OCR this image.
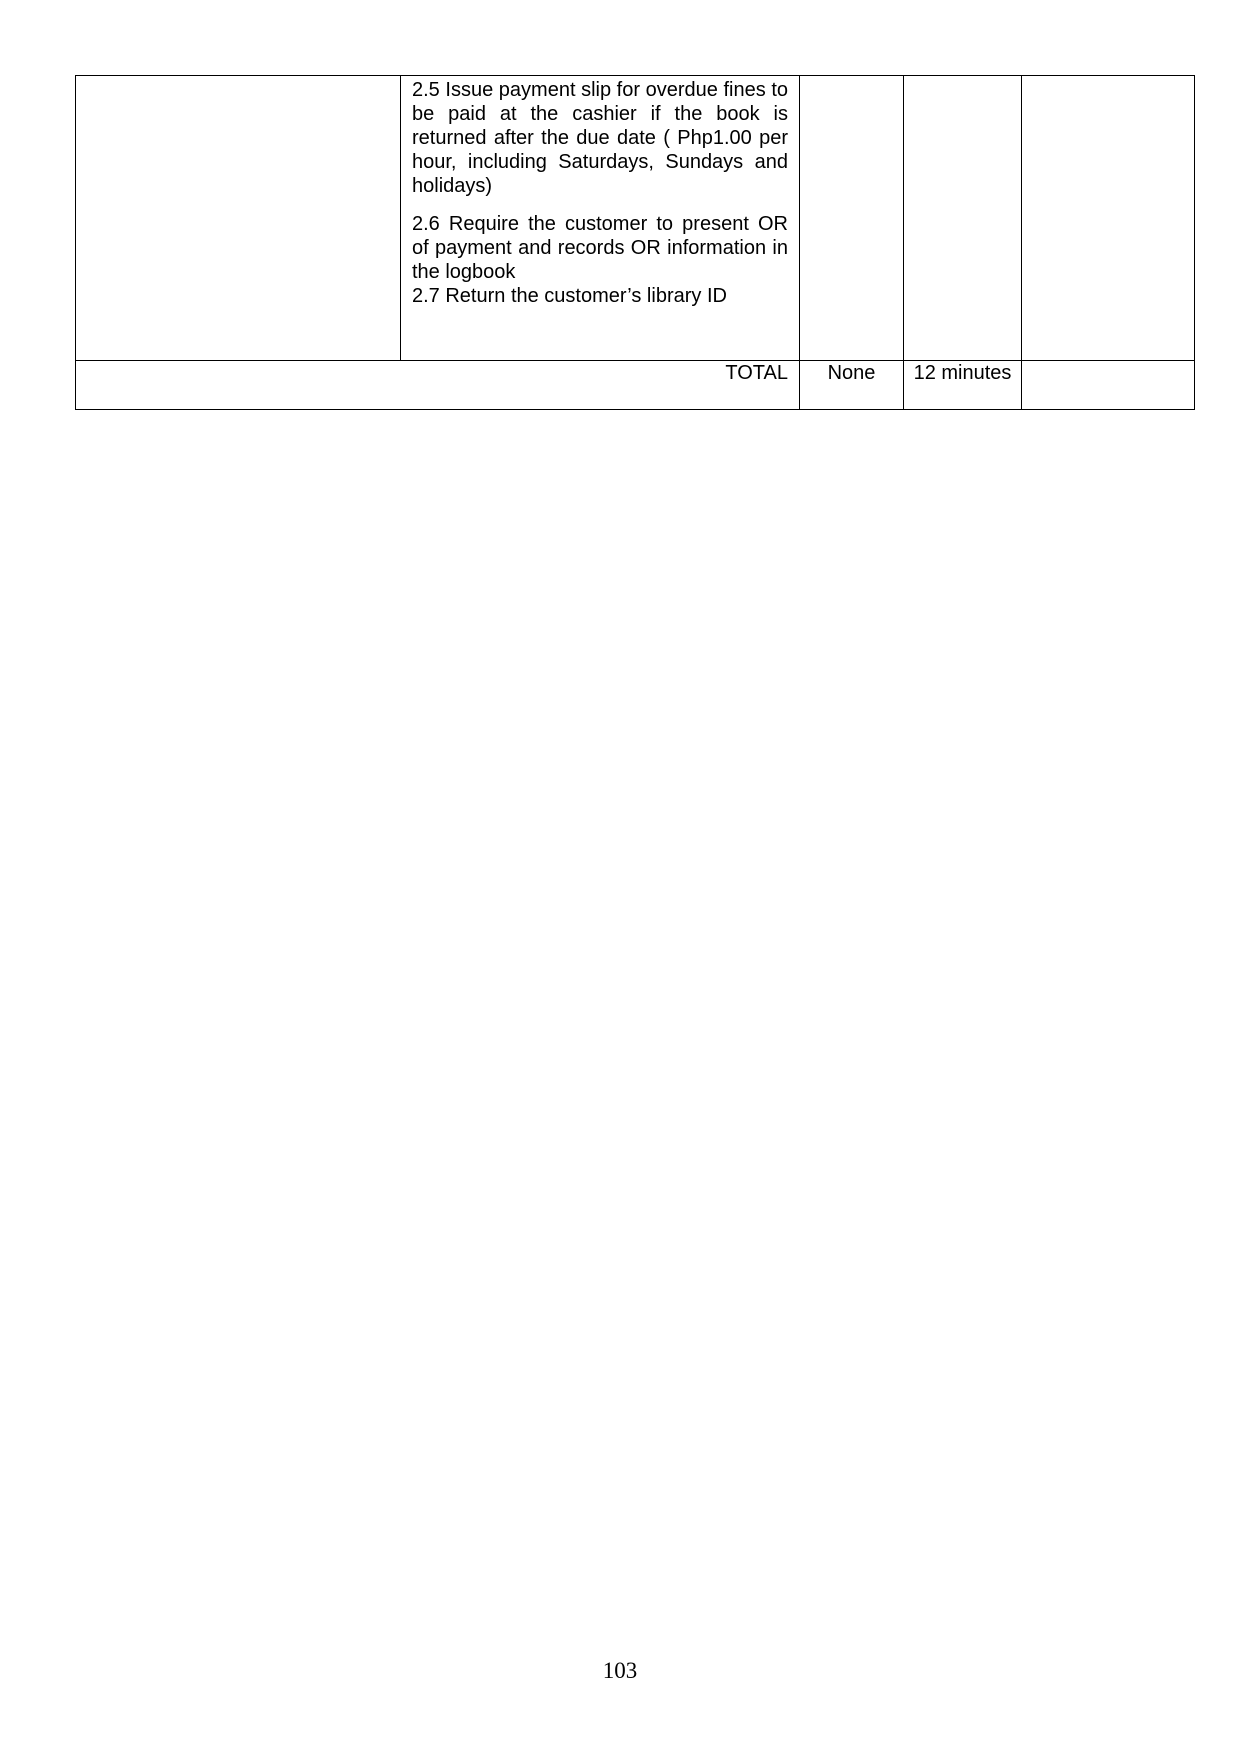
	2.5 Issue payment slip for overdue fines to be paid at the cashier if the book is returned after the due date ( Php1.00 per hour, including Saturdays, Sundays and holidays)

2.6 Require the customer to present OR of payment and records OR information in the logbook

2.7 Return the customer’s library ID			

TOTAL		None	12 minutes	
103
